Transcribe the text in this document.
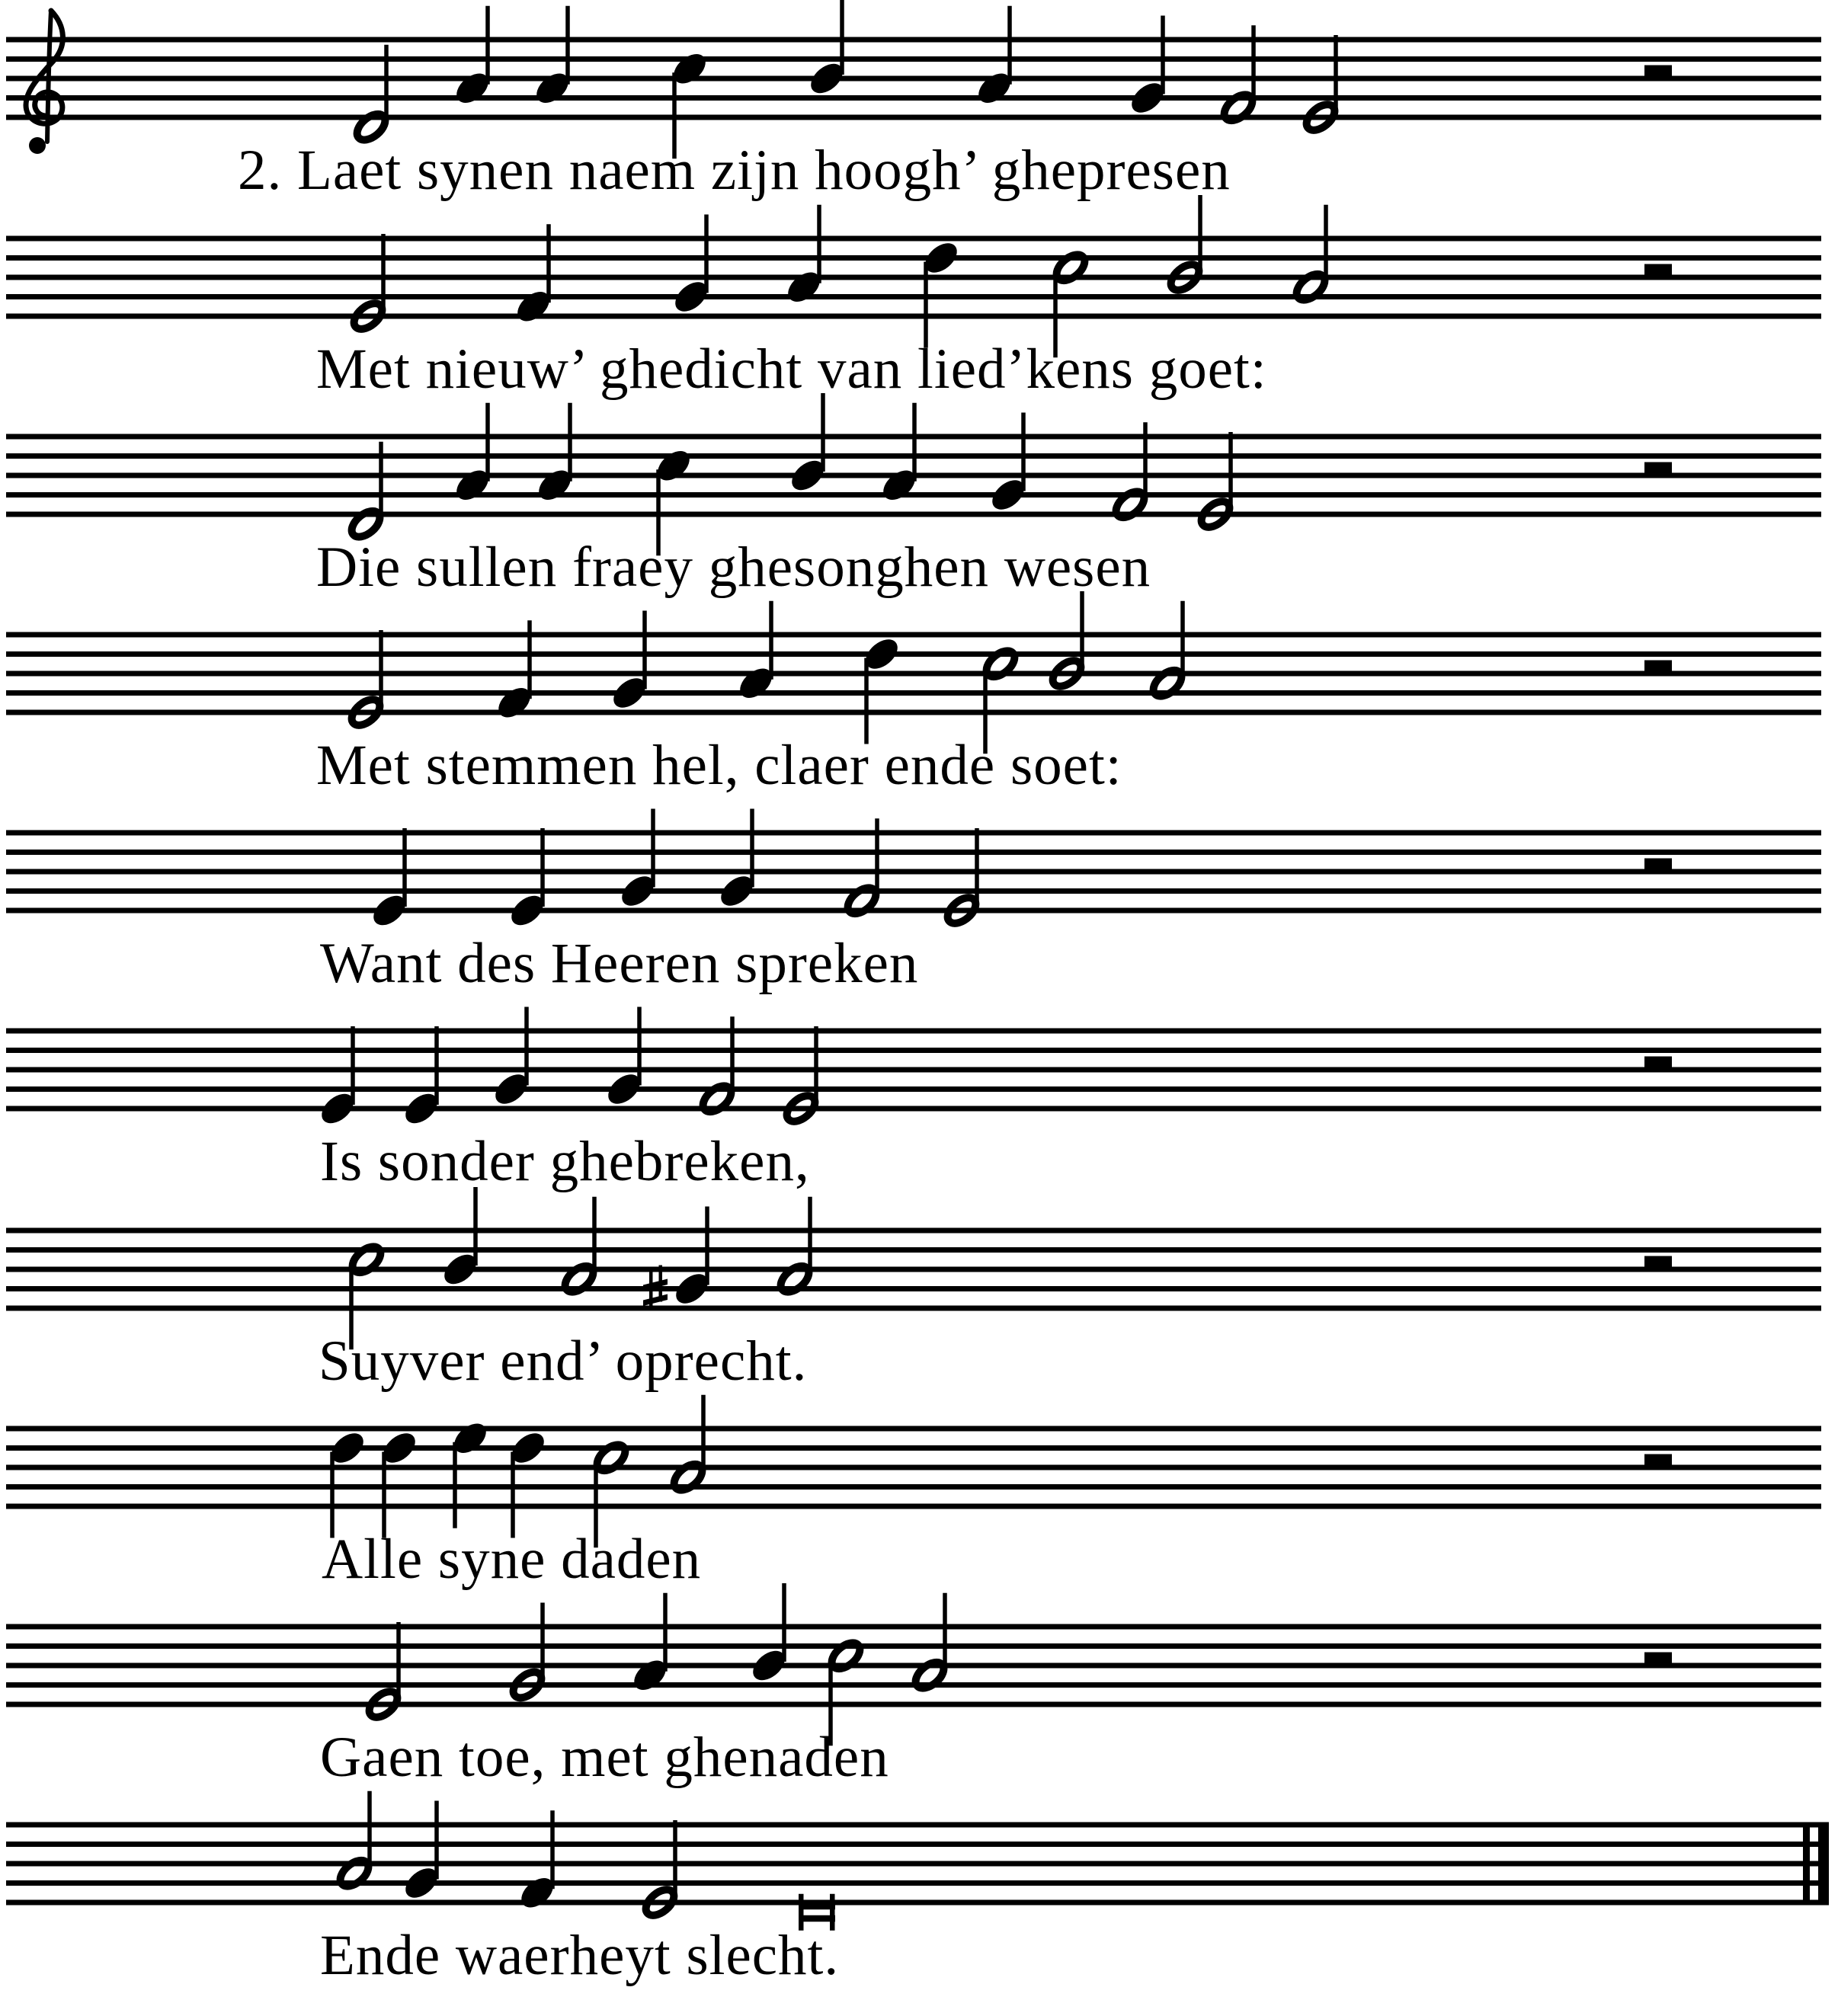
2. Laet synen naem zijn hoogh’ ghepresen
Met nieuw’ ghedicht van lied’kens goet:
Die sullen fraey ghesonghen wesen
Met stemmen hel, claer ende soet:
Want des Heeren spreken
Is sonder ghebreken,
Suyver end’ oprecht.
Alle syne daden
Gaen toe, met ghenaden
Ende waerheyt slecht.
